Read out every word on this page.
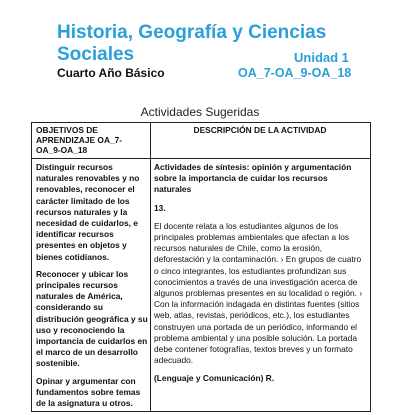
Historia, Geografía y Ciencias
Sociales	Unidad 1
Cuarto Año Básico	OA_7-OA_9-OA_18
Actividades Sugeridas
OBJETIVOS DE APRENDIZAJE OA_7-OA_9-OA_18
DESCRIPCIÓN DE LA ACTIVIDAD

Distinguir recursos naturales renovables y no renovables, reconocer el carácter limitado de los recursos naturales y la necesidad de cuidarlos, e identificar recursos presentes en objetos y bienes cotidianos.

Reconocer y ubicar los principales recursos naturales de América, considerando su distribución geográfica y su uso y reconociendo la importancia de cuidarlos en el marco de un desarrollo sostenible.

Opinar y argumentar con fundamentos sobre temas de la asignatura u otros.

Actividades de síntesis: opinión y argumentación sobre la importancia de cuidar los recursos naturales

13.

El docente relata a los estudiantes algunos de los principales problemas ambientales que afectan a los recursos naturales de Chile, como la erosión, deforestación y la contaminación. › En grupos de cuatro o cinco integrantes, los estudiantes profundizan sus conocimientos a través de una investigación acerca de algunos problemas presentes en su localidad o región. › Con la información indagada en distintas fuentes (sitios web, atlas, revistas, periódicos, etc.), los estudiantes construyen una portada de un periódico, informando el problema ambiental y una posible solución. La portada debe contener fotografías, textos breves y un formato adecuado.

(Lenguaje y Comunicación) R.
